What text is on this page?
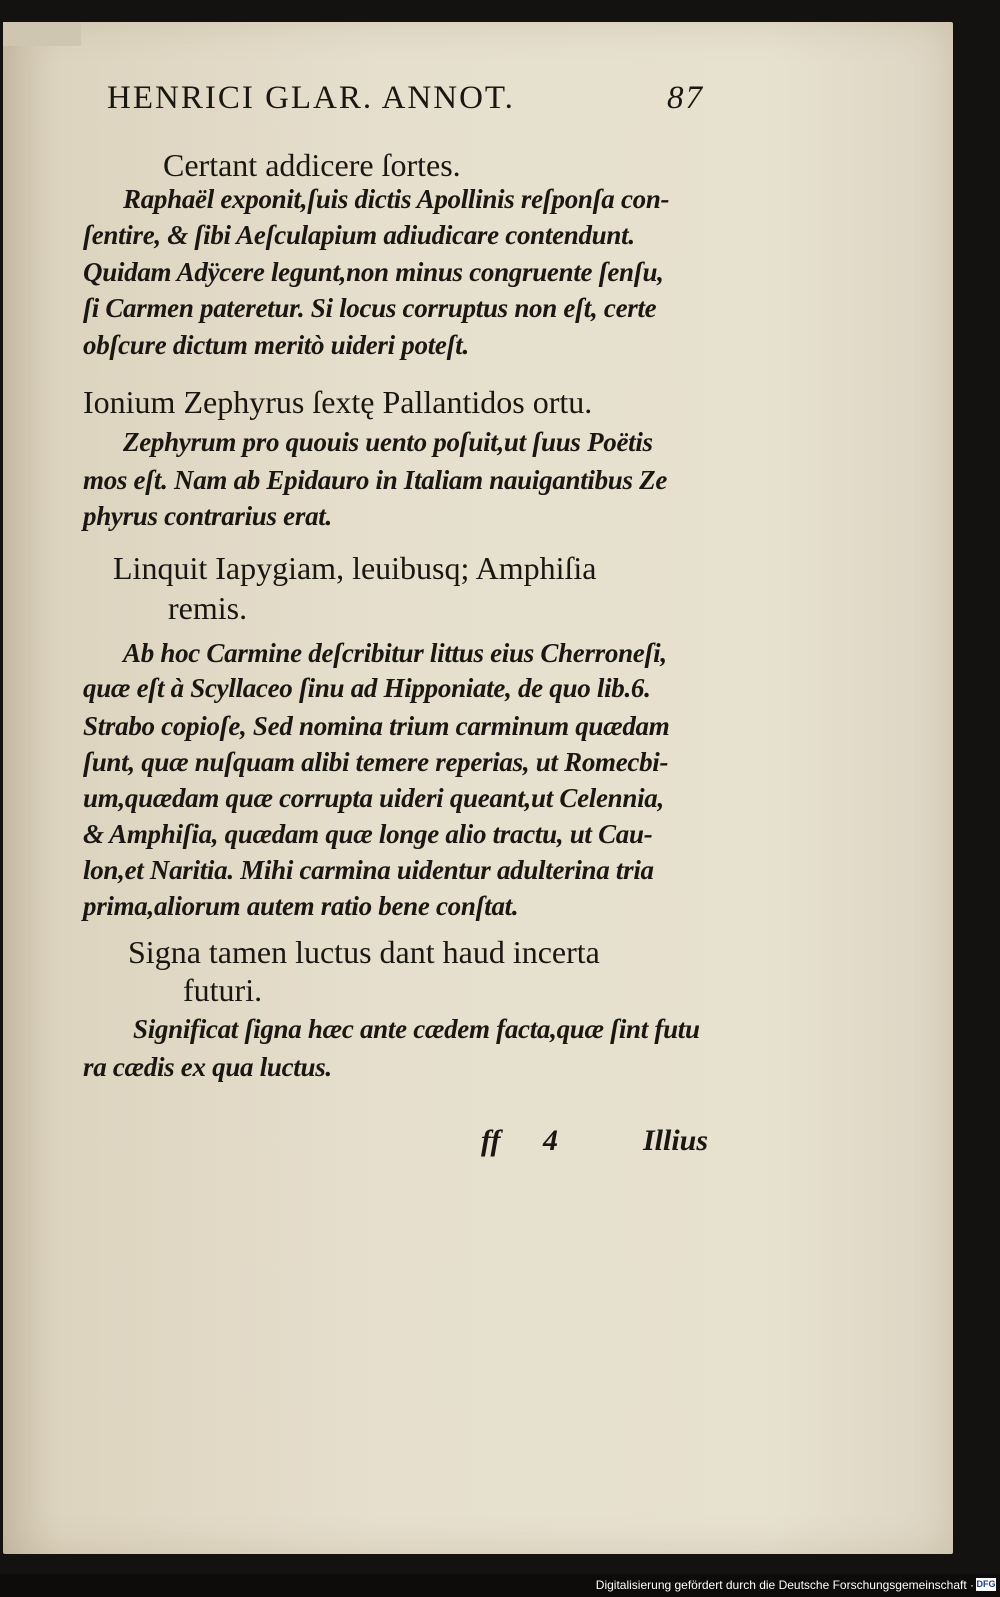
HENRICI GLAR. ANNOT.	87
Certant addicere ſortes.
Raphaël exponit,ſuis dictis Apollinis reſponſa con-
ſentire, & ſibi Aeſculapium adiudicare contendunt.
Quidam Adÿcere legunt,non minus congruente ſenſu,
ſi Carmen pateretur. Si locus corruptus non eſt, certe
obſcure dictum meritò uideri poteſt.
Ionium Zephyrus ſextę Pallantidos ortu.
Zephyrum pro quouis uento poſuit,ut ſuus Poëtis
mos eſt. Nam ab Epidauro in Italiam nauigantibus Ze
phyrus contrarius erat.
Linquit Iapygiam, leuibusq; Amphiſia
remis.
Ab hoc Carmine deſcribitur littus eius Cherroneſi,
quæ eſt à Scyllaceo ſinu ad Hipponiate, de quo lib.6.
Strabo copioſe, Sed nomina trium carminum quædam
ſunt, quæ nuſquam alibi temere reperias, ut Romecbi-
um,quædam quæ corrupta uideri queant,ut Celennia,
& Amphiſia, quædam quæ longe alio tractu, ut Cau-
lon,et Naritia. Mihi carmina uidentur adulterina tria
prima,aliorum autem ratio bene conſtat.
Signa tamen luctus dant haud incerta
futuri.
Significat ſigna hæc ante cædem facta,quæ ſint futu
ra cædis ex qua luctus.
ff 4	Illius
Digitalisierung gefördert durch die Deutsche Forschungsgemeinschaft · DFG
